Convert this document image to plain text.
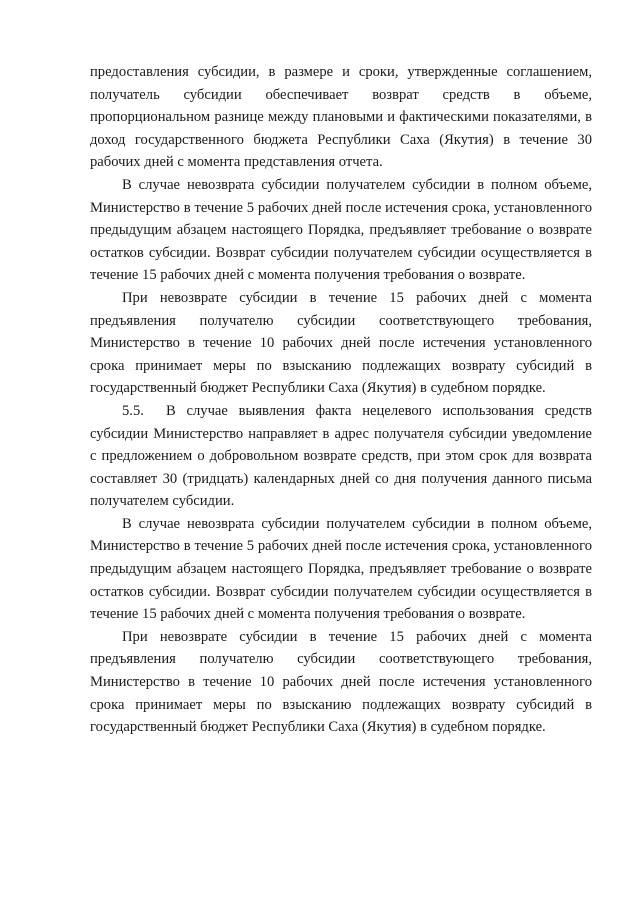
предоставления субсидии, в размере и сроки, утвержденные соглашением, получатель субсидии обеспечивает возврат средств в объеме, пропорциональном разнице между плановыми и фактическими показателями, в доход государственного бюджета Республики Саха (Якутия) в течение 30 рабочих дней с момента представления отчета.

В случае невозврата субсидии получателем субсидии в полном объеме, Министерство в течение 5 рабочих дней после истечения срока, установленного предыдущим абзацем настоящего Порядка, предъявляет требование о возврате остатков субсидии. Возврат субсидии получателем субсидии осуществляется в течение 15 рабочих дней с момента получения требования о возврате.

При невозврате субсидии в течение 15 рабочих дней с момента предъявления получателю субсидии соответствующего требования, Министерство в течение 10 рабочих дней после истечения установленного срока принимает меры по взысканию подлежащих возврату субсидий в государственный бюджет Республики Саха (Якутия) в судебном порядке.

5.5. В случае выявления факта нецелевого использования средств субсидии Министерство направляет в адрес получателя субсидии уведомление с предложением о добровольном возврате средств, при этом срок для возврата составляет 30 (тридцать) календарных дней со дня получения данного письма получателем субсидии.

В случае невозврата субсидии получателем субсидии в полном объеме, Министерство в течение 5 рабочих дней после истечения срока, установленного предыдущим абзацем настоящего Порядка, предъявляет требование о возврате остатков субсидии. Возврат субсидии получателем субсидии осуществляется в течение 15 рабочих дней с момента получения требования о возврате.

При невозврате субсидии в течение 15 рабочих дней с момента предъявления получателю субсидии соответствующего требования, Министерство в течение 10 рабочих дней после истечения установленного срока принимает меры по взысканию подлежащих возврату субсидий в государственный бюджет Республики Саха (Якутия) в судебном порядке.
